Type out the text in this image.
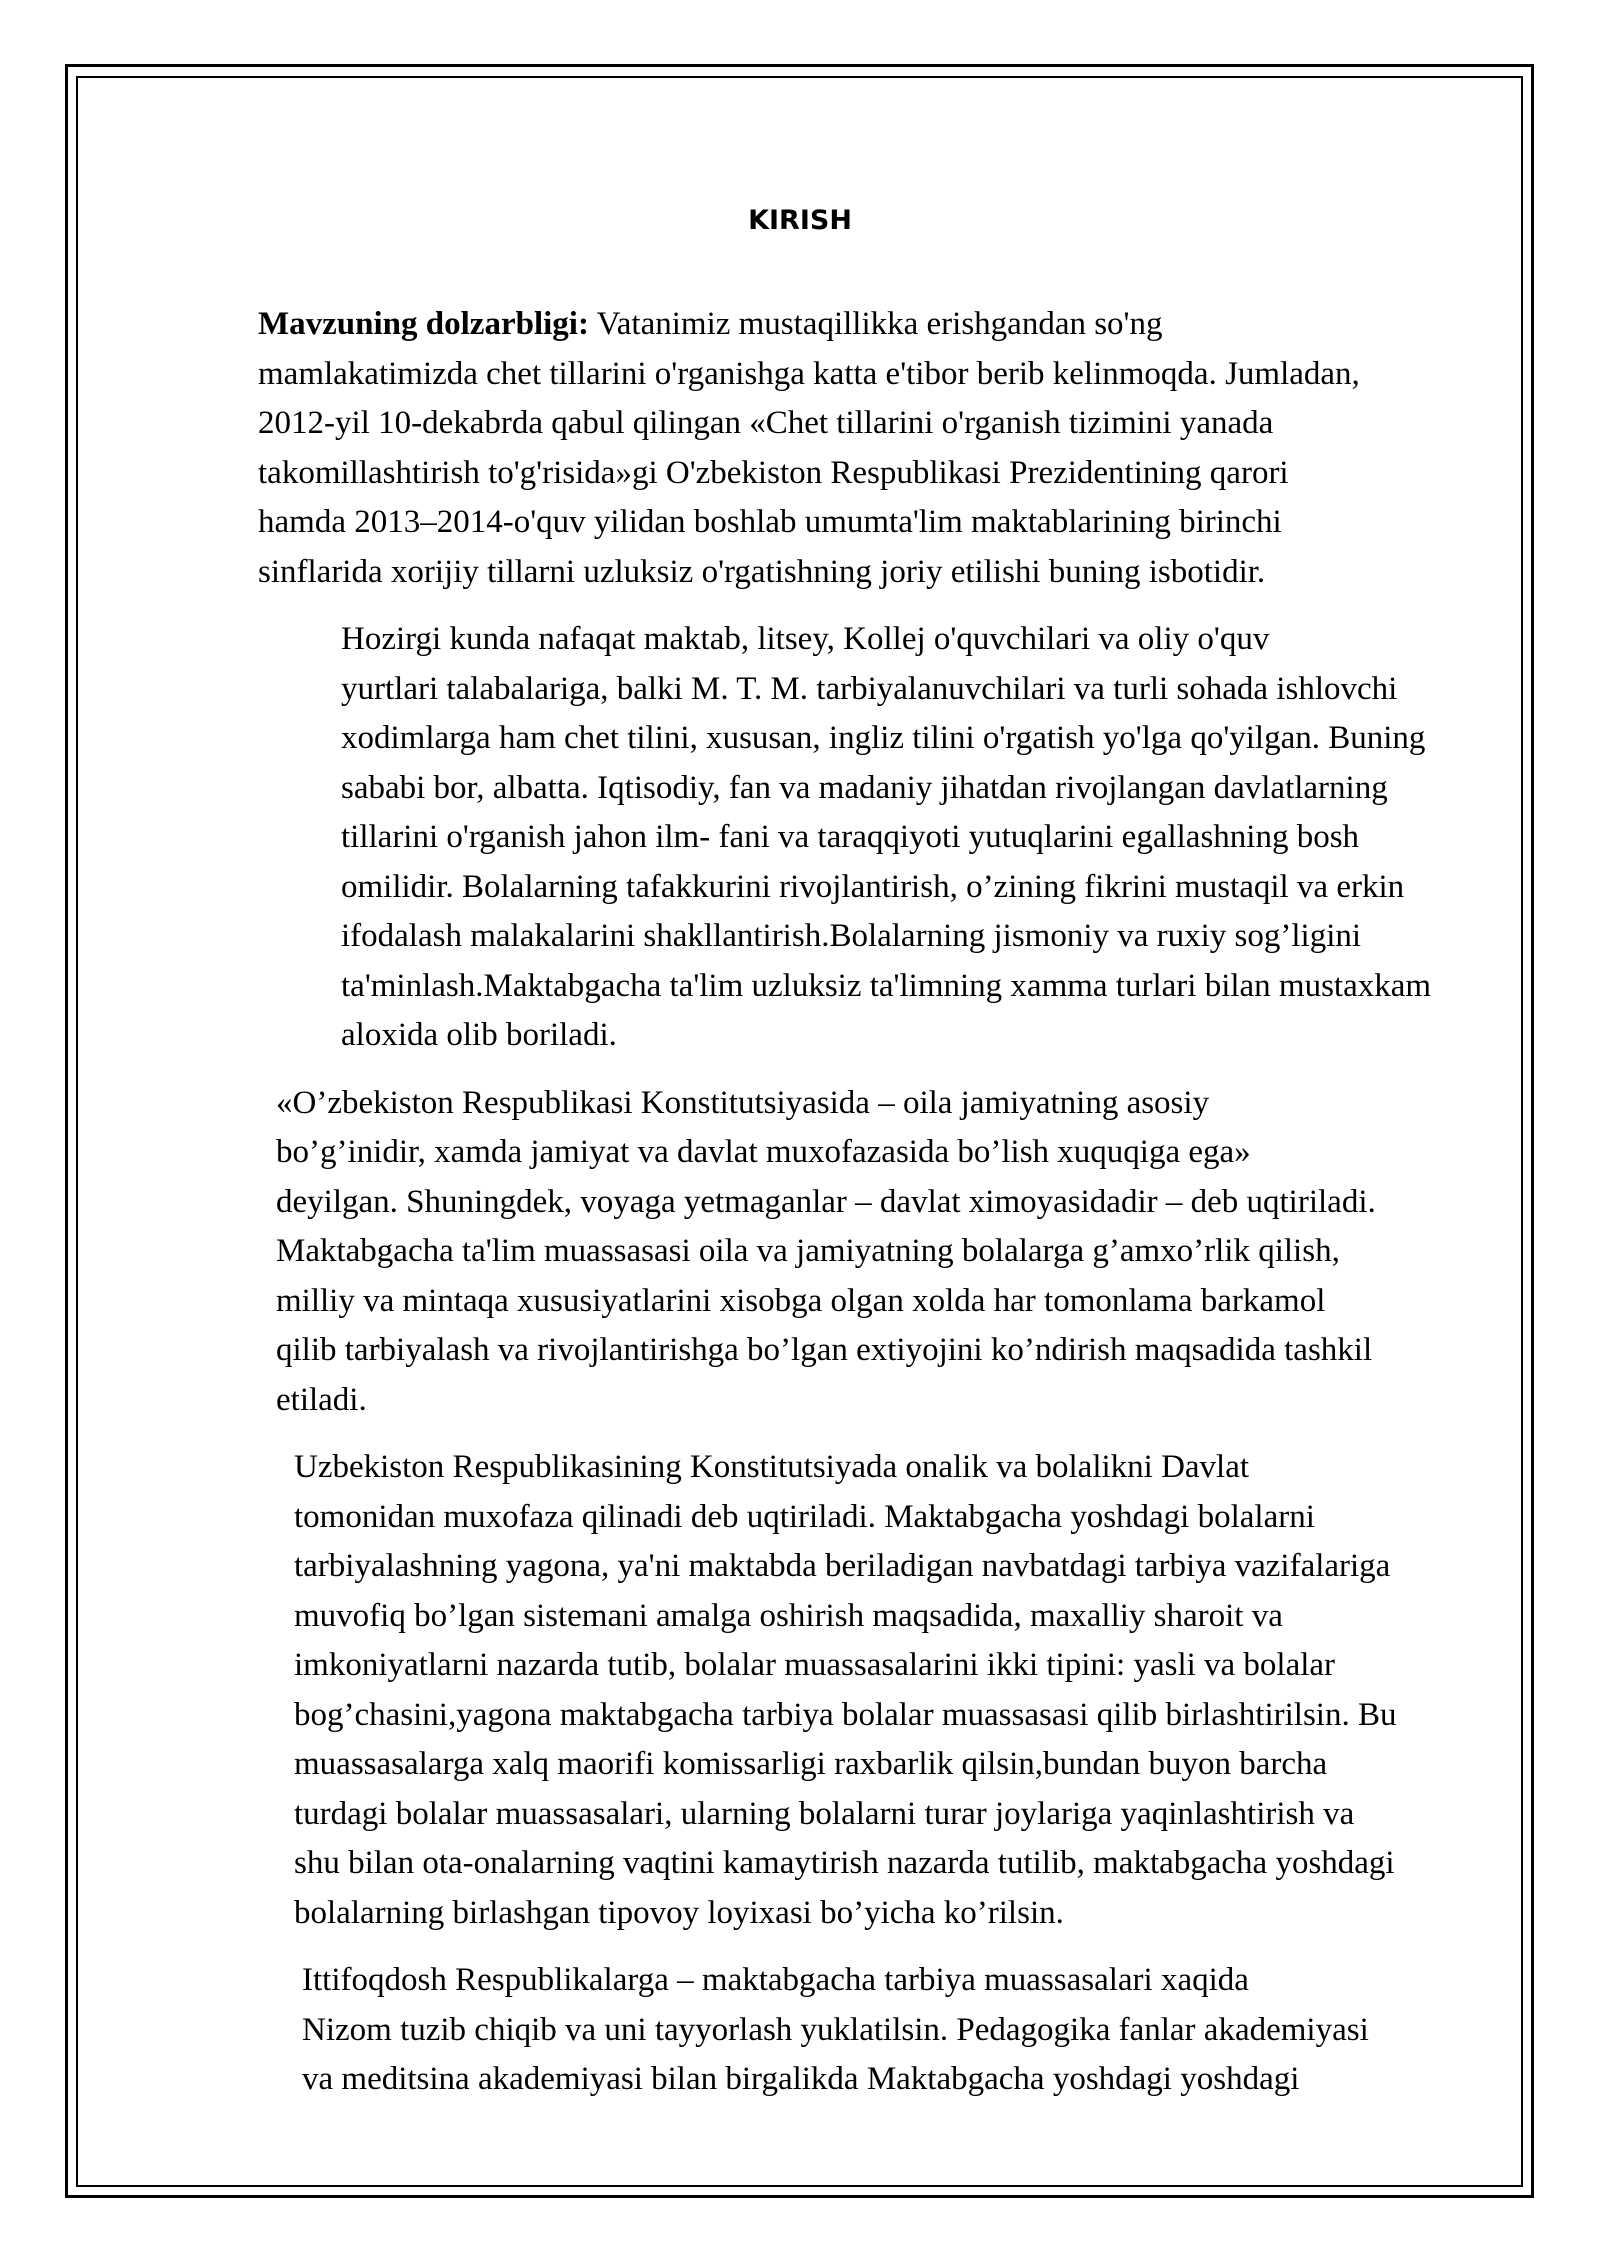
KIRISH

Mavzuning dolzarbligi: Vatanimiz mustaqillikka erishgandan so'ng
mamlakatimizda chet tillarini o'rganishga katta e'tibor berib kelinmoqda. Jumladan,
2012-yil 10-dekabrda qabul qilingan «Chet tillarini o'rganish tizimini yanada
takomillashtirish to'g'risida»gi O'zbekiston Respublikasi Prezidentining qarori
hamda 2013–2014-o'quv yilidan boshlab umumta'lim maktablarining birinchi
sinflarida xorijiy tillarni uzluksiz o'rgatishning joriy etilishi buning isbotidir.

Hozirgi kunda nafaqat maktab, litsey, Kollej o'quvchilari va oliy o'quv
yurtlari talabalariga, balki M. T. M. tarbiyalanuvchilari va turli sohada ishlovchi
xodimlarga ham chet tilini, xususan, ingliz tilini o'rgatish yo'lga qo'yilgan. Buning
sababi bor, albatta. Iqtisodiy, fan va madaniy jihatdan rivojlangan davlatlarning
tillarini o'rganish jahon ilm- fani va taraqqiyoti yutuqlarini egallashning bosh
omilidir. Bolalarning tafakkurini rivojlantirish, o’zining fikrini mustaqil va erkin
ifodalash malakalarini shakllantirish.Bolalarning jismoniy va ruxiy sog’ligini
ta'minlash.Maktabgacha ta'lim uzluksiz ta'limning xamma turlari bilan mustaxkam
aloxida olib boriladi.

«O’zbekiston Respublikasi Konstitutsiyasida – oila jamiyatning asosiy
bo’g’inidir, xamda jamiyat va davlat muxofazasida bo’lish xuquqiga ega»
deyilgan. Shuningdek, voyaga yetmaganlar – davlat ximoyasidadir – deb uqtiriladi.
Maktabgacha ta'lim muassasasi oila va jamiyatning bolalarga g’amxo’rlik qilish,
milliy va mintaqa xususiyatlarini xisobga olgan xolda har tomonlama barkamol
qilib tarbiyalash va rivojlantirishga bo’lgan extiyojini ko’ndirish maqsadida tashkil
etiladi.

Uzbekiston Respublikasining Konstitutsiyada onalik va bolalikni Davlat
tomonidan muxofaza qilinadi deb uqtiriladi. Maktabgacha yoshdagi bolalarni
tarbiyalashning yagona, ya'ni maktabda beriladigan navbatdagi tarbiya vazifalariga
muvofiq bo’lgan sistemani amalga oshirish maqsadida, maxalliy sharoit va
imkoniyatlarni nazarda tutib, bolalar muassasalarini ikki tipini: yasli va bolalar
bog’chasini,yagona maktabgacha tarbiya bolalar muassasasi qilib birlashtirilsin. Bu
muassasalarga xalq maorifi komissarligi raxbarlik qilsin,bundan buyon barcha
turdagi bolalar muassasalari, ularning bolalarni turar joylariga yaqinlashtirish va
shu bilan ota-onalarning vaqtini kamaytirish nazarda tutilib, maktabgacha yoshdagi
bolalarning birlashgan tipovoy loyixasi bo’yicha ko’rilsin.

Ittifoqdosh Respublikalarga – maktabgacha tarbiya muassasalari xaqida
Nizom tuzib chiqib va uni tayyorlash yuklatilsin. Pedagogika fanlar akademiyasi
va meditsina akademiyasi bilan birgalikda Maktabgacha yoshdagi yoshdagi
